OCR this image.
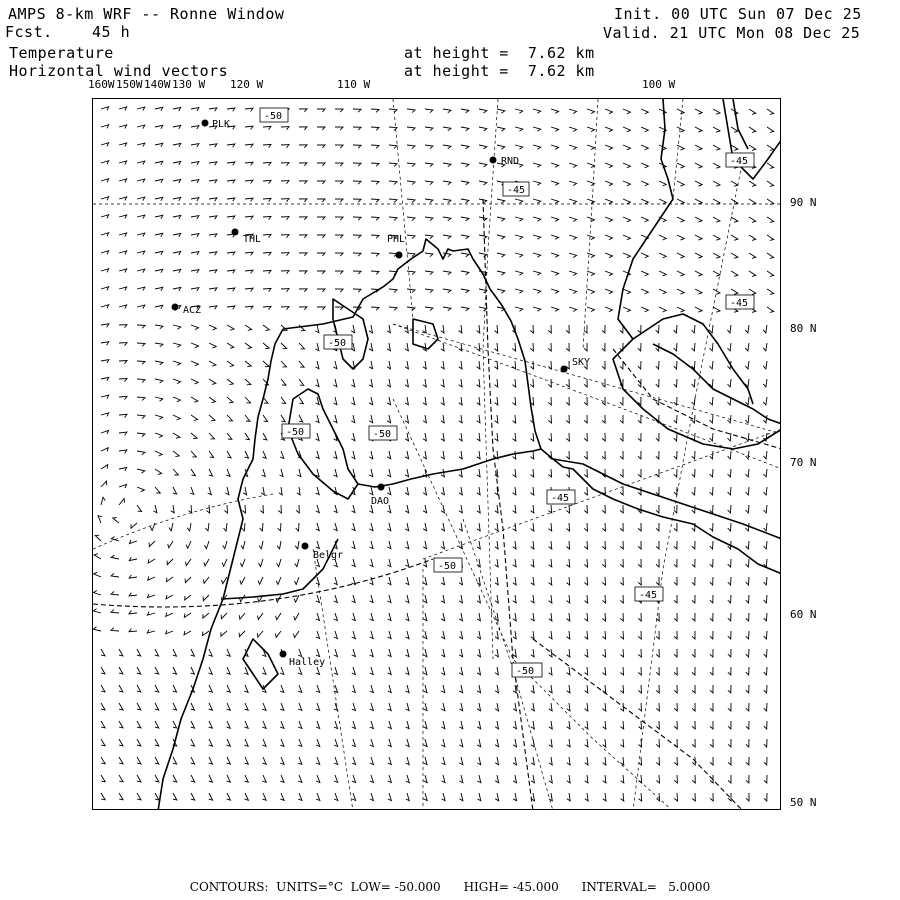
AMPS 8-km WRF -- Ronne Window
Fcst.	45 h
Temperature
Horizontal wind vectors
at height =  7.62 km
at height =  7.62 km
Init. 00 UTC Sun 07 Dec 25
Valid. 21 UTC Mon 08 Dec 25
160W 150W 140W 130 W 120 W	110 W	100 W
90 N
80 N
70 N
60 N
50 N
PLK
RND
THL	PHL
ACZ
SKY
DAO
Belgr
Halley
-50
-45
-45
-45
-50
-50	-50
-45
-50
-45
-50
CONTOURS:  UNITS=°C  LOW= -50.000      HIGH= -45.000      INTERVAL=   5.0000
